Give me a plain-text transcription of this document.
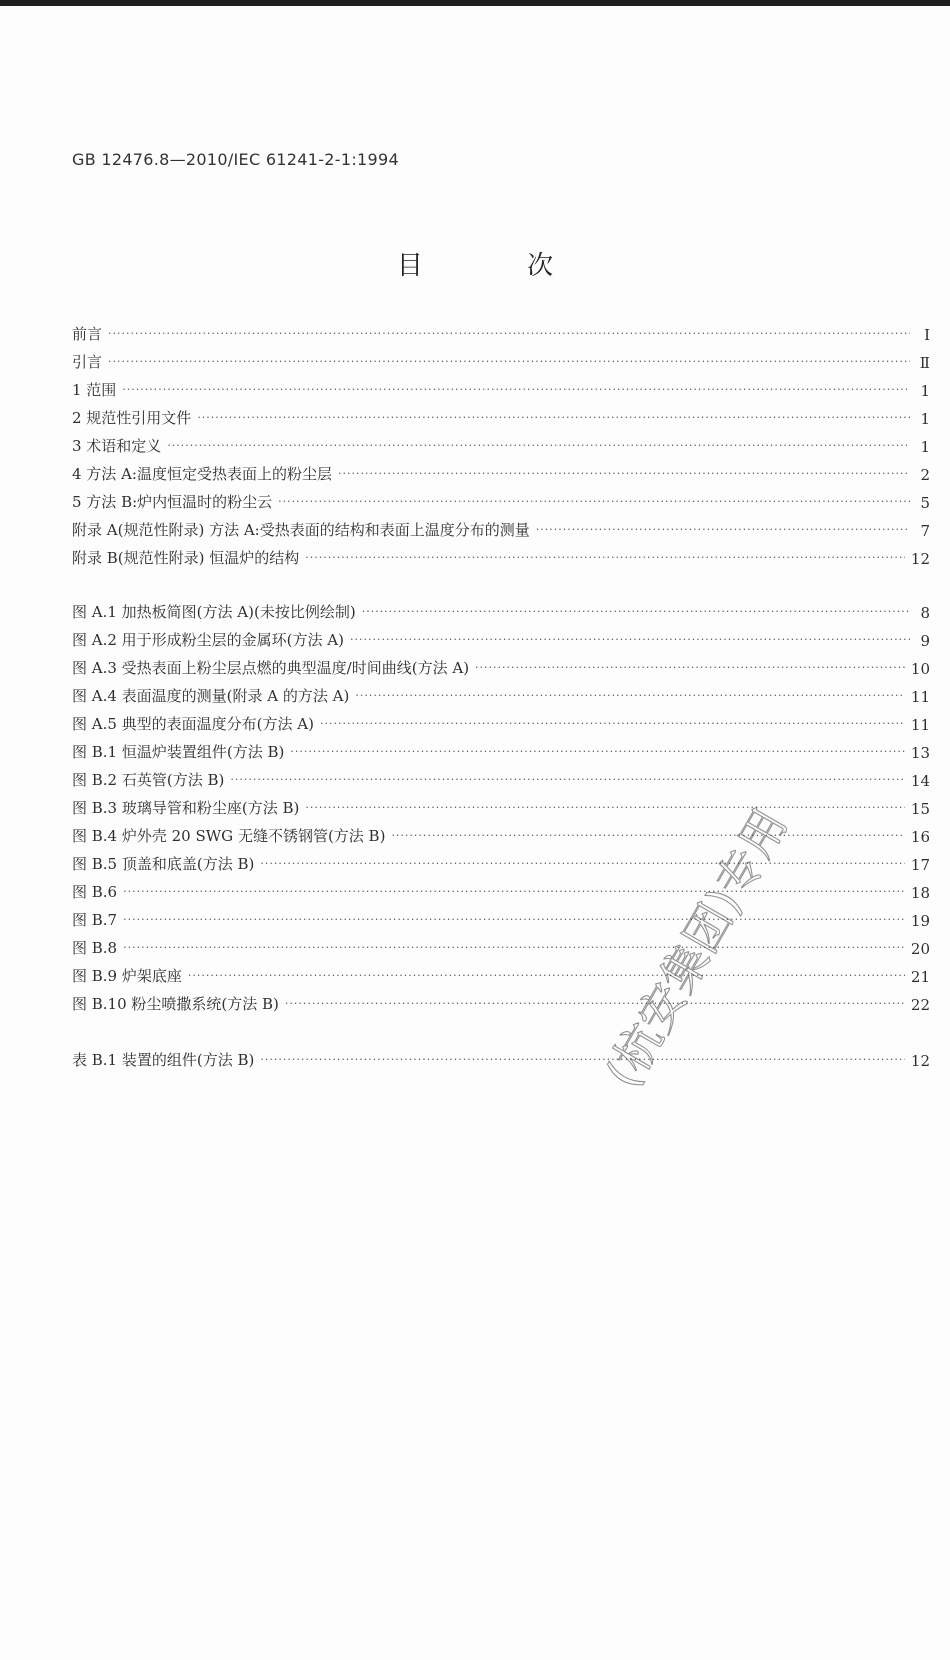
GB 12476.8—2010/IEC 61241-2-1:1994
目 次
前言 ·····	Ⅰ
引言 ·····	Ⅱ
1 范围 ·····	1
2 规范性引用文件 ·····	1
3 术语和定义 ·····	1
4 方法 A:温度恒定受热表面上的粉尘层 ·····	2
5 方法 B:炉内恒温时的粉尘云 ·····	5
附录 A(规范性附录) 方法 A:受热表面的结构和表面上温度分布的测量 ·····	7
附录 B(规范性附录) 恒温炉的结构 ·····	12
图 A.1 加热板简图(方法 A)(未按比例绘制) ·····	8
图 A.2 用于形成粉尘层的金属环(方法 A) ·····	9
图 A.3 受热表面上粉尘层点燃的典型温度/时间曲线(方法 A) ·····	10
图 A.4 表面温度的测量(附录 A 的方法 A) ·····	11
图 A.5 典型的表面温度分布(方法 A) ·····	11
图 B.1 恒温炉装置组件(方法 B) ·····	13
图 B.2 石英管(方法 B) ·····	14
图 B.3 玻璃导管和粉尘座(方法 B) ·····	15
图 B.4 炉外壳 20 SWG 无缝不锈钢管(方法 B) ·····	16
图 B.5 顶盖和底盖(方法 B) ·····	17
图 B.6 ·····	18
图 B.7 ·····	19
图 B.8 ·····	20
图 B.9 炉架底座 ·····	21
图 B.10 粉尘喷撒系统(方法 B) ·····	22
表 B.1 装置的组件(方法 B) ·····	12
(杭安集团)专用
